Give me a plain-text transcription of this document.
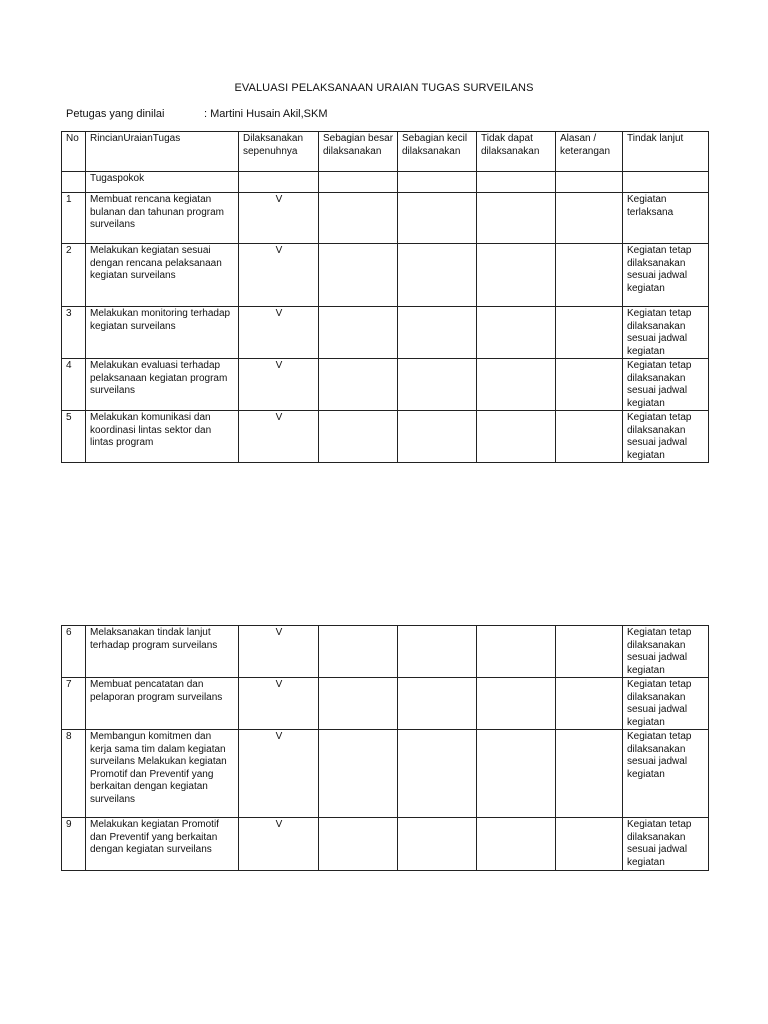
EVALUASI PELAKSANAAN URAIAN TUGAS SURVEILANS
Petugas yang dinilai	: Martini Husain Akil,SKM
No	RincianUraianTugas	Dilaksanakan sepenuhnya	Sebagian besar dilaksanakan	Sebagian kecil dilaksanakan	Tidak dapat dilaksanakan	Alasan / keterangan	Tindak lanjut
	Tugaspokok						
1	Membuat rencana kegiatan bulanan dan tahunan program surveilans	V					Kegiatan terlaksana
2	Melakukan kegiatan sesuai dengan rencana pelaksanaan kegiatan surveilans	V					Kegiatan tetap dilaksanakan sesuai jadwal kegiatan
3	Melakukan monitoring terhadap kegiatan surveilans	V					Kegiatan tetap dilaksanakan sesuai jadwal kegiatan
4	Melakukan evaluasi terhadap pelaksanaan kegiatan program surveilans	V					Kegiatan tetap dilaksanakan sesuai jadwal kegiatan
5	Melakukan komunikasi dan koordinasi lintas sektor dan lintas program	V					Kegiatan tetap dilaksanakan sesuai jadwal kegiatan
6	Melaksanakan tindak lanjut terhadap program surveilans	V					Kegiatan tetap dilaksanakan sesuai jadwal kegiatan
7	Membuat pencatatan dan pelaporan program surveilans	V					Kegiatan tetap dilaksanakan sesuai jadwal kegiatan
8	Membangun komitmen dan kerja sama tim dalam kegiatan surveilans Melakukan kegiatan Promotif dan Preventif yang berkaitan dengan kegiatan surveilans	V					Kegiatan tetap dilaksanakan sesuai jadwal kegiatan
9	Melakukan kegiatan Promotif dan Preventif yang berkaitan dengan kegiatan surveilans	V					Kegiatan tetap dilaksanakan sesuai jadwal kegiatan
